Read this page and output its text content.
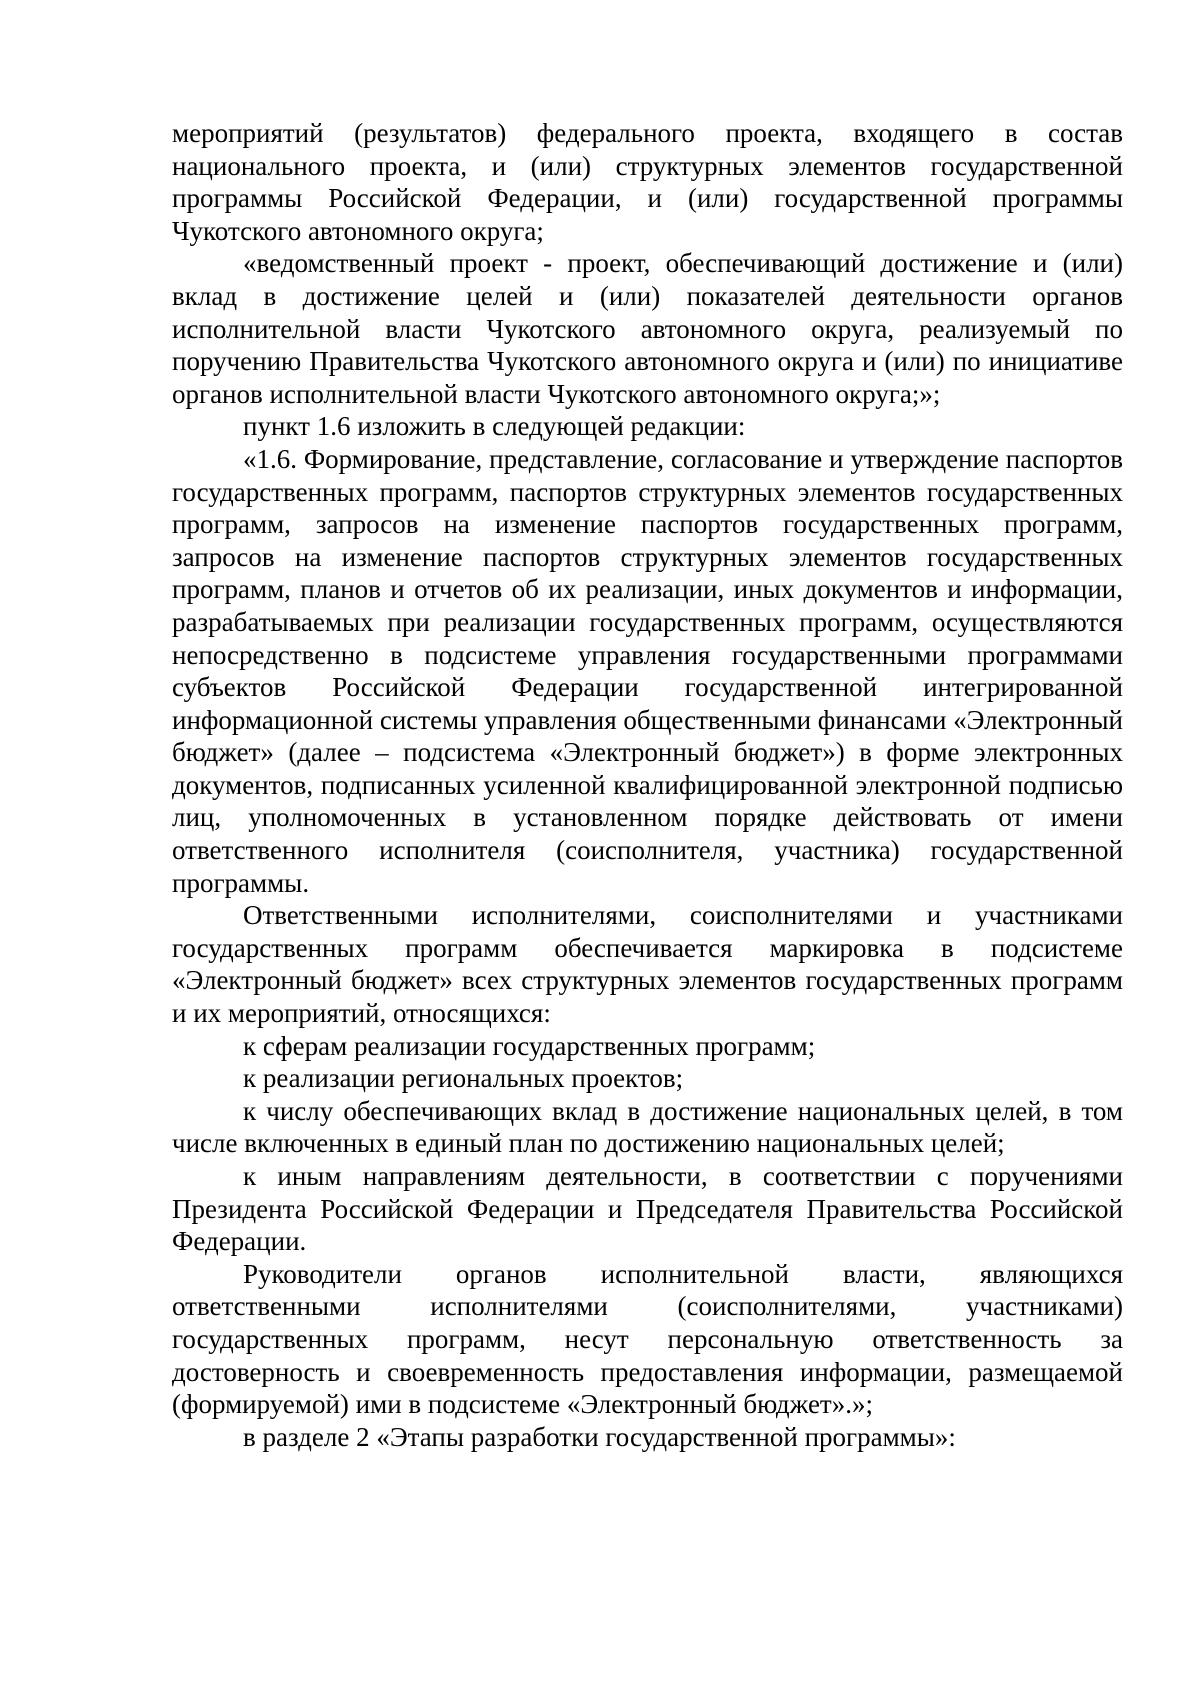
мероприятий (результатов) федерального проекта, входящего в состав национального проекта, и (или) структурных элементов государственной программы Российской Федерации, и (или) государственной программы Чукотского автономного округа;

«ведомственный проект - проект, обеспечивающий достижение и (или) вклад в достижение целей и (или) показателей деятельности органов исполнительной власти Чукотского автономного округа, реализуемый по поручению Правительства Чукотского автономного округа и (или) по инициативе органов исполнительной власти Чукотского автономного округа;»;

пункт 1.6 изложить в следующей редакции:

«1.6. Формирование, представление, согласование и утверждение паспортов государственных программ, паспортов структурных элементов государственных программ, запросов на изменение паспортов государственных программ, запросов на изменение паспортов структурных элементов государственных программ, планов и отчетов об их реализации, иных документов и информации, разрабатываемых при реализации государственных программ, осуществляются непосредственно в подсистеме управления государственными программами субъектов Российской Федерации государственной интегрированной информационной системы управления общественными финансами «Электронный бюджет» (далее – подсистема «Электронный бюджет») в форме электронных документов, подписанных усиленной квалифицированной электронной подписью лиц, уполномоченных в установленном порядке действовать от имени ответственного исполнителя (соисполнителя, участника) государственной программы.

Ответственными исполнителями, соисполнителями и участниками государственных программ обеспечивается маркировка в подсистеме «Электронный бюджет» всех структурных элементов государственных программ и их мероприятий, относящихся:

к сферам реализации государственных программ;

к реализации региональных проектов;

к числу обеспечивающих вклад в достижение национальных целей, в том числе включенных в единый план по достижению национальных целей;

к иным направлениям деятельности, в соответствии с поручениями Президента Российской Федерации и Председателя Правительства Российской Федерации.

Руководители органов исполнительной власти, являющихся ответственными исполнителями (соисполнителями, участниками) государственных программ, несут персональную ответственность за достоверность и своевременность предоставления информации, размещаемой (формируемой) ими в подсистеме «Электронный бюджет».»;

в разделе 2 «Этапы разработки государственной программы»:
